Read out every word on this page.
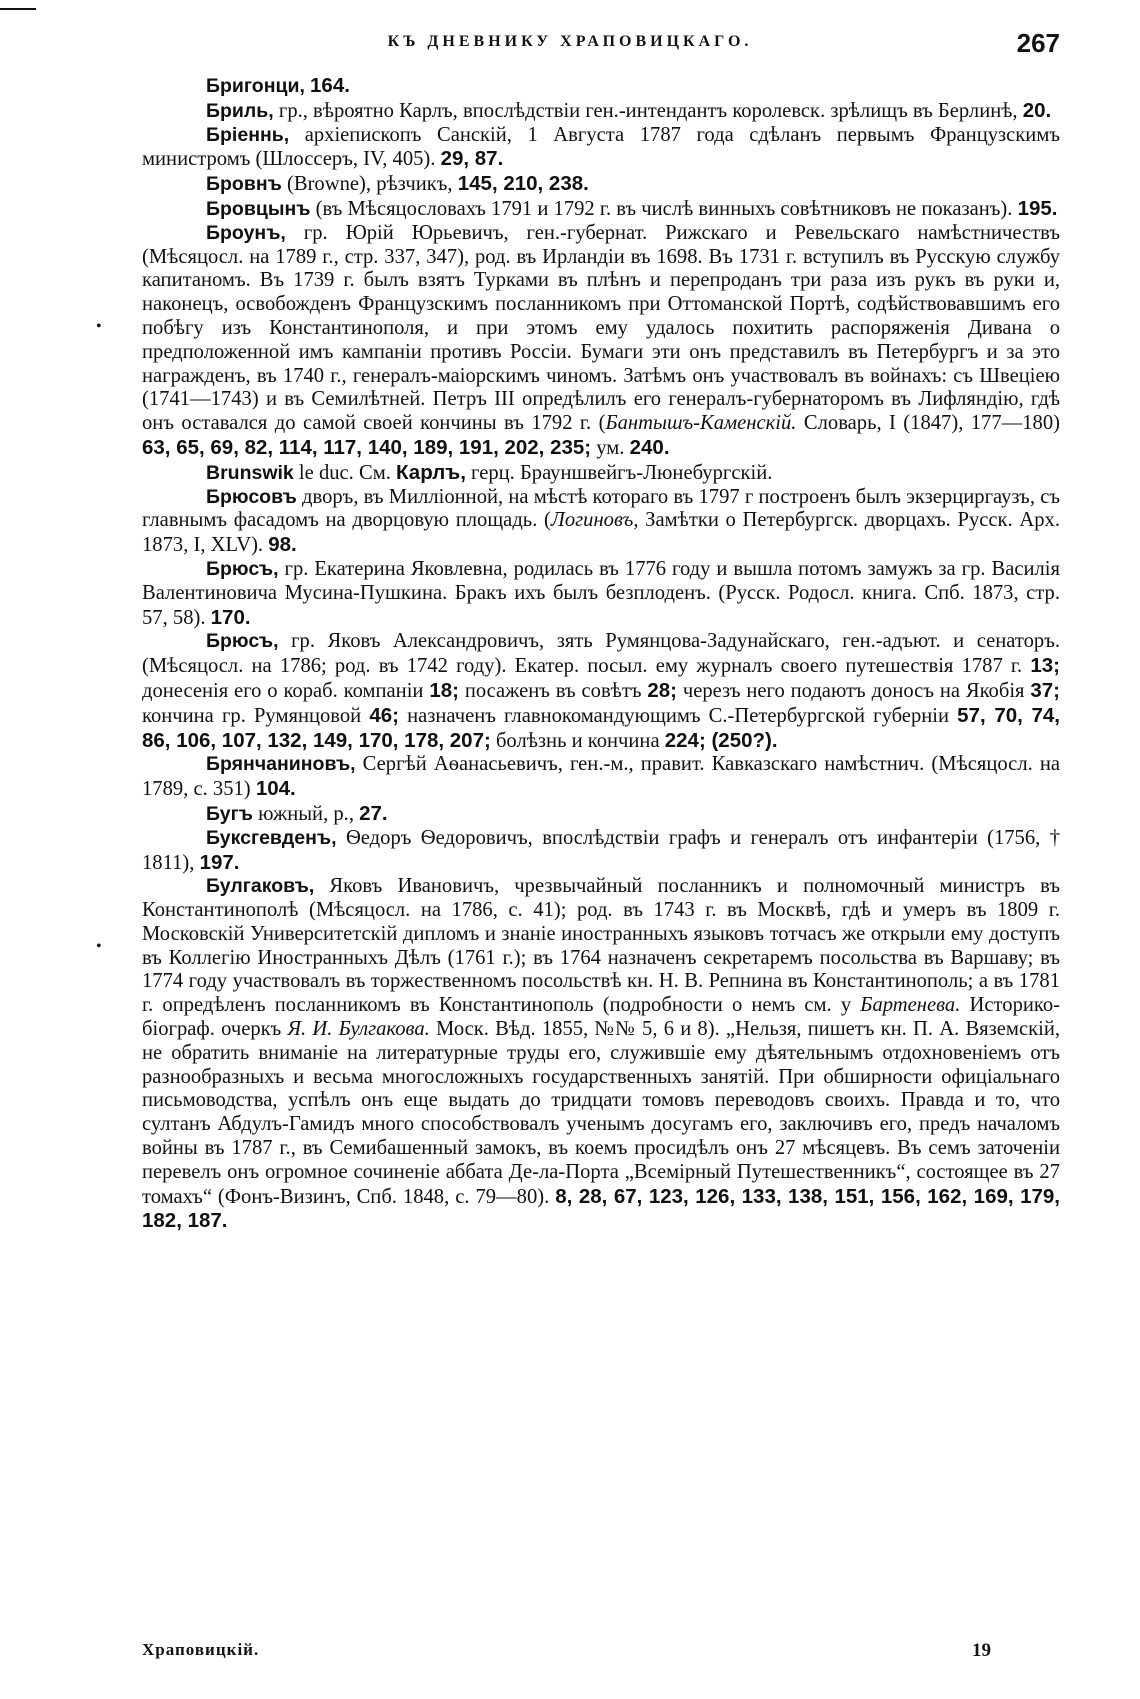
КЪ ДНЕВНИКУ ХРАПОВИЦКАГО.	267
•
•

Бригонци, 164.

Бриль, гр., вѣроятно Карлъ, впослѣдствіи ген.-интендантъ королевск. зрѣлищъ въ Берлинѣ, 20.

Бріеннь, архіепископъ Санскій, 1 Августа 1787 года сдѣланъ первымъ Французскимъ министромъ (Шлоссеръ, IV, 405). 29, 87.

Бровнъ (Browne), рѣзчикъ, 145, 210, 238.

Бровцынъ (въ Мѣсяцословахъ 1791 и 1792 г. въ числѣ винныхъ совѣтниковъ не показанъ). 195.

Броунъ, гр. Юрій Юрьевичъ, ген.-губернат. Рижскаго и Ревельскаго намѣстничествъ (Мѣсяцосл. на 1789 г., стр. 337, 347), род. въ Ирландіи въ 1698. Въ 1731 г. вступилъ въ Русскую службу капитаномъ. Въ 1739 г. былъ взятъ Турками въ плѣнъ и перепроданъ три раза изъ рукъ въ руки и, наконецъ, освобожденъ Французскимъ посланникомъ при Оттоманской Портѣ, содѣйствовавшимъ его побѣгу изъ Константинополя, и при этомъ ему удалось похитить распоряженія Дивана о предположенной имъ кампаніи противъ Россіи. Бумаги эти онъ представилъ въ Петербургъ и за это награжденъ, въ 1740 г., генералъ-маіорскимъ чиномъ. Затѣмъ онъ участвовалъ въ войнахъ: съ Швеціею (1741—1743) и въ Семилѣтней. Петръ III опредѣлилъ его генералъ-губернаторомъ въ Лифляндію, гдѣ онъ оставался до самой своей кончины въ 1792 г. (Бантышъ-Каменскій. Словарь, I (1847), 177—180) 63, 65, 69, 82, 114, 117, 140, 189, 191, 202, 235; ум. 240.

Brunswik le duc. См. Карлъ, герц. Брауншвейгъ-Люнебургскій.

Брюсовъ дворъ, въ Милліонной, на мѣстѣ котораго въ 1797 г построенъ былъ экзерциргаузъ, съ главнымъ фасадомъ на дворцовую площадь. (Логиновъ, Замѣтки о Петербургск. дворцахъ. Русск. Арх. 1873, I, XLV). 98.

Брюсъ, гр. Екатерина Яковлевна, родилась въ 1776 году и вышла потомъ замужъ за гр. Василія Валентиновича Мусина-Пушкина. Бракъ ихъ былъ безплоденъ. (Русск. Родосл. книга. Спб. 1873, стр. 57, 58). 170.

Брюсъ, гр. Яковъ Александровичъ, зять Румянцова-Задунайскаго, ген.-адъют. и сенаторъ. (Мѣсяцосл. на 1786; род. въ 1742 году). Екатер. посыл. ему журналъ своего путешествія 1787 г. 13; донесенія его о кораб. компаніи 18; посаженъ въ совѣтъ 28; черезъ него подаютъ доносъ на Якобія 37; кончина гр. Румянцовой 46; назначенъ главнокомандующимъ С.-Петербургской губерніи 57, 70, 74, 86, 106, 107, 132, 149, 170, 178, 207; болѣзнь и кончина 224; (250?).

Брянчаниновъ, Сергѣй Аѳанасьевичъ, ген.-м., правит. Кавказскаго намѣстнич. (Мѣсяцосл. на 1789, с. 351) 104.

Бугъ южный, р., 27.

Буксгевденъ, Ѳедоръ Ѳедоровичъ, впослѣдствіи графъ и генералъ отъ инфантеріи (1756, † 1811), 197.

Булгаковъ, Яковъ Ивановичъ, чрезвычайный посланникъ и полномочный министръ въ Константинополѣ (Мѣсяцосл. на 1786, с. 41); род. въ 1743 г. въ Москвѣ, гдѣ и умеръ въ 1809 г. Московскій Университетскій дипломъ и знаніе иностранныхъ языковъ тотчасъ же открыли ему доступъ въ Коллегію Иностранныхъ Дѣлъ (1761 г.); въ 1764 назначенъ секретаремъ посольства въ Варшаву; въ 1774 году участвовалъ въ торжественномъ посольствѣ кн. Н. В. Репнина въ Константинополь; а въ 1781 г. опредѣленъ посланникомъ въ Константинополь (подробности о немъ см. у Бартенева. Историко-біограф. очеркъ Я. И. Булгакова. Моск. Вѣд. 1855, №№ 5, 6 и 8). „Нельзя, пишетъ кн. П. А. Вяземскій, не обратить вниманіе на литературные труды его, служившіе ему дѣятельнымъ отдохновеніемъ отъ разнообразныхъ и весьма многосложныхъ государственныхъ занятій. При обширности офиціальнаго письмоводства, успѣлъ онъ еще выдать до тридцати томовъ переводовъ своихъ. Правда и то, что султанъ Абдулъ-Гамидъ много способствовалъ ученымъ досугамъ его, заключивъ его, предъ началомъ войны въ 1787 г., въ Семибашенный замокъ, въ коемъ просидѣлъ онъ 27 мѣсяцевъ. Въ семъ заточеніи перевелъ онъ огромное сочиненіе аббата Де-ла-Порта „Всемірный Путешественникъ“, состоящее въ 27 томахъ“ (Фонъ-Визинъ, Спб. 1848, с. 79—80). 8, 28, 67, 123, 126, 133, 138, 151, 156, 162, 169, 179, 182, 187.

Храповицкій.	19
